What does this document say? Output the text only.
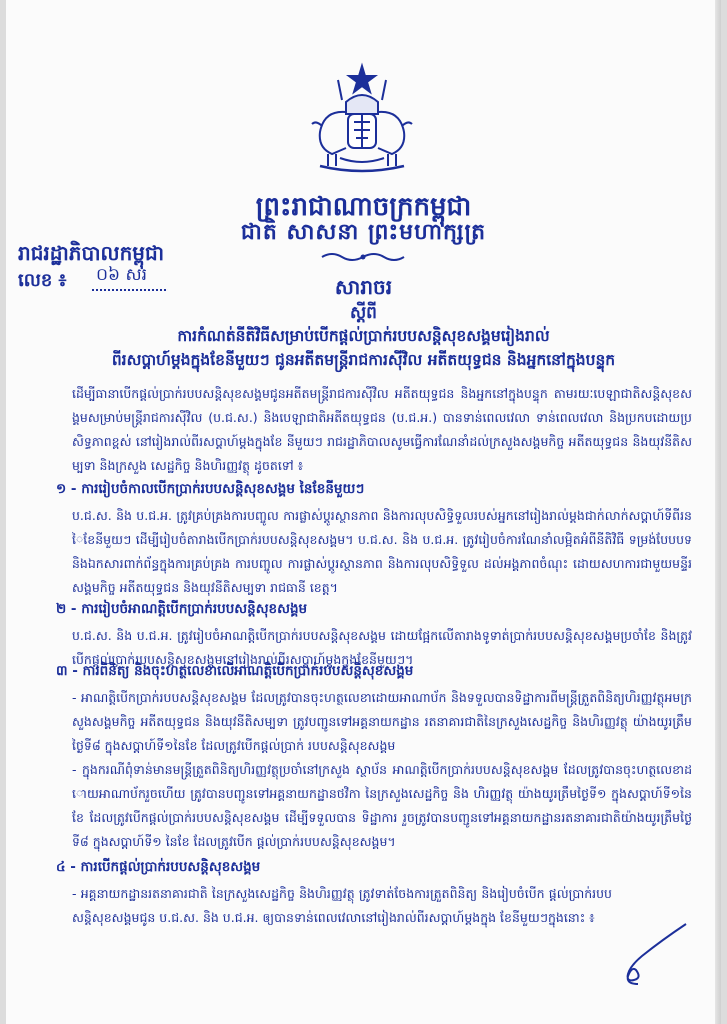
ព្រះរាជាណាចក្រកម្ពុជា
ជាតិ សាសនា ព្រះមហាក្សត្រ
រាជរដ្ឋាភិបាលកម្ពុជា
លេខ ៖ ០៦ សរ	សារាចរ
ស្តីពី
ការកំណត់នីតិវិធីសម្រាប់បើកផ្តល់ប្រាក់របបសន្តិសុខសង្គមរៀងរាល់
ពីរសប្តាហ៍ម្តងក្នុងខែនីមួយៗ ជូនអតីតមន្ត្រីរាជការស៊ីវិល អតីតយុទ្ធជន និងអ្នកនៅក្នុងបន្ទុក
ដើម្បីធានាបើកផ្តល់ប្រាក់របបសន្តិសុខសង្គមជូនអតីតមន្ត្រីរាជការស៊ីវិល អតីតយុទ្ធជន និងអ្នកនៅក្នុងបន្ទុក តាមរយៈបេឡាជាតិសន្តិសុខសង្គមសម្រាប់មន្ត្រីរាជការស៊ីវិល (ប.ជ.ស.) និងបេឡាជាតិអតីតយុទ្ធជន (ប.ជ.អ.) បានទាន់ពេលវេលា ទាន់ពេលវេលា និងប្រកបដោយប្រសិទ្ធភាពខ្ពស់ នៅរៀងរាល់ពីរសប្តាហ៍ម្តងក្នុងខែ នីមួយៗ រាជរដ្ឋាភិបាលសូមធ្វើការណែនាំដល់ក្រសួងសង្គមកិច្ច អតីតយុទ្ធជន និងយុវនីតិសម្បទា និងក្រសួង សេដ្ឋកិច្ច និងហិរញ្ញវត្ថុ ដូចតទៅ ៖
១ - ការរៀបចំកាលបើកប្រាក់របបសន្តិសុខសង្គម នៃខែនីមួយៗ
ប.ជ.ស. និង ប.ជ.អ. ត្រូវគ្រប់គ្រងការបញ្ចូល ការផ្លាស់ប្តូរស្ថានភាព និងការលុបសិទ្ធិទួលរបស់អ្នកនៅរៀងរាល់ម្តងជាក់លាក់សប្តាហ៍ទីពីរនៃខែនីមួយៗ ដើម្បីរៀបចំតារាងបើកប្រាក់របបសន្តិសុខសង្គម។ ប.ជ.ស. និង ប.ជ.អ. ត្រូវរៀបចំការណែនាំលម្អិតអំពីនីតិវិធី ទម្រង់បែបបទ និងឯកសារពាក់ព័ន្ធក្នុងការគ្រប់គ្រង ការបញ្ចូល ការផ្លាស់ប្តូរស្ថានភាព និងការលុបសិទ្ធិទួល ដល់អង្គភាពចំណុះ ដោយសហការជាមួយមន្ទីរសង្គមកិច្ច អតីតយុទ្ធជន និងយុវនីតិសម្បទា រាជធានី ខេត្ត។
២ - ការរៀបចំអាណត្តិបើកប្រាក់របបសន្តិសុខសង្គម
ប.ជ.ស. និង ប.ជ.អ. ត្រូវរៀបចំអាណត្តិបើកប្រាក់របបសន្តិសុខសង្គម ដោយផ្អែកលើតារាងទូទាត់ប្រាក់របបសន្តិសុខសង្គមប្រចាំខែ និងត្រូវបើកផ្តល់ប្រាក់របបសន្តិសុខសង្គមនៅរៀងរាល់ពីរសប្តាហ៍ម្តងក្នុងខែនីមួយៗ។
៣ - ការពិនិត្យ និងចុះហត្ថលេខាលើអាណត្តិបើកប្រាក់របបសន្តិសុខសង្គម
- អាណត្តិបើកប្រាក់របបសន្តិសុខសង្គម ដែលត្រូវបានចុះហត្ថលេខាដោយអាណាប័ក និងទទួលបានទិដ្ឋាការពីមន្ត្រីត្រួតពិនិត្យហិរញ្ញវត្ថុអមក្រសួងសង្គមកិច្ច អតីតយុទ្ធជន និងយុវនីតិសម្បទា ត្រូវបញ្ជូនទៅអគ្គនាយកដ្ឋាន រតនាគារជាតិនៃក្រសួងសេដ្ឋកិច្ច និងហិរញ្ញវត្ថុ យ៉ាងយូរត្រឹមថ្ងៃទី៨ ក្នុងសប្តាហ៍ទី១នៃខែ ដែលត្រូវបើកផ្តល់ប្រាក់ របបសន្តិសុខសង្គម
- ក្នុងករណីពុំទាន់មានមន្ត្រីត្រួតពិនិត្យហិរញ្ញវត្ថុប្រចាំនៅក្រសួង ស្ថាប័ន អាណត្តិបើកប្រាក់របបសន្តិសុខសង្គម ដែលត្រូវបានចុះហត្ថលេខាដោយអាណាប័ករួចហើយ ត្រូវបានបញ្ជូនទៅអគ្គនាយកដ្ឋានថវិកា នៃក្រសួងសេដ្ឋកិច្ច និង ហិរញ្ញវត្ថុ យ៉ាងយូរត្រឹមថ្ងៃទី១ ក្នុងសប្តាហ៍ទី១នៃខែ ដែលត្រូវបើកផ្តល់ប្រាក់របបសន្តិសុខសង្គម ដើម្បីទទួលបាន ទិដ្ឋាការ រួចត្រូវបានបញ្ជូនទៅអគ្គនាយកដ្ឋានរតនាគារជាតិយ៉ាងយូរត្រឹមថ្ងៃទី៨ ក្នុងសប្តាហ៍ទី១ នៃខែ ដែលត្រូវបើក ផ្តល់ប្រាក់របបសន្តិសុខសង្គម។
៤ - ការបើកផ្តល់ប្រាក់របបសន្តិសុខសង្គម
- អគ្គនាយកដ្ឋានរតនាគារជាតិ នៃក្រសួងសេដ្ឋកិច្ច និងហិរញ្ញវត្ថុ ត្រូវទាត់ចែងការត្រួតពិនិត្យ និងរៀបចំបើក ផ្តល់ប្រាក់របបសន្តិសុខសង្គមជូន ប.ជ.ស. និង ប.ជ.អ. ឲ្យបានទាន់ពេលវេលានៅរៀងរាល់ពីរសប្តាហ៍ម្តងក្នុង ខែនីមួយៗក្នុងនោះ ៖
